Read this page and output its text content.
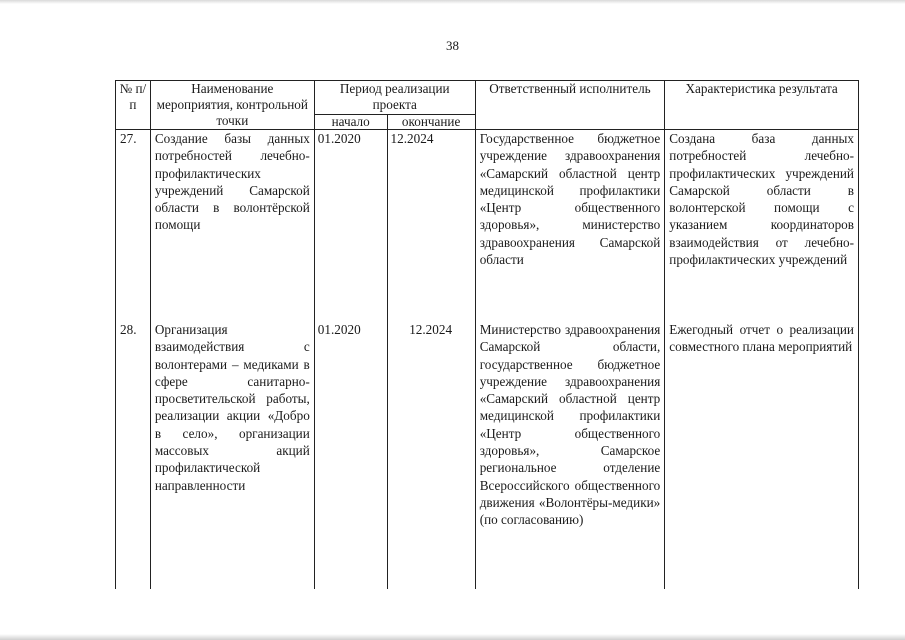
38
№ п/п	Наименование мероприятия, контрольной точки	Период реализации проекта		Ответственный исполнитель	Характеристика результата
		начало	окончание		
27.	Создание базы данных потребностей лечебно-профилактических учреждений Самарской области в волонтёрской помощи	01.2020	12.2024	Государственное бюджетное учреждение здравоохранения «Самарский областной центр медицинской профилактики «Центр общественного здоровья», министерство здравоохранения Самарской области	Создана база данных потребностей лечебно-профилактических учреждений Самарской области в волонтерской помощи с указанием координаторов взаимодействия от лечебно-профилактических учреждений
28.	Организация взаимодействия с волонтерами – медиками в сфере санитарно-просветительской работы, реализации акции «Добро в село», организации массовых акций профилактической направленности	01.2020	12.2024	Министерство здравоохранения Самарской области, государственное бюджетное учреждение здравоохранения «Самарский областной центр медицинской профилактики «Центр общественного здоровья», Самарское региональное отделение Всероссийского общественного движения «Волонтёры-медики» (по согласованию)	Ежегодный отчет о реализации совместного плана мероприятий
